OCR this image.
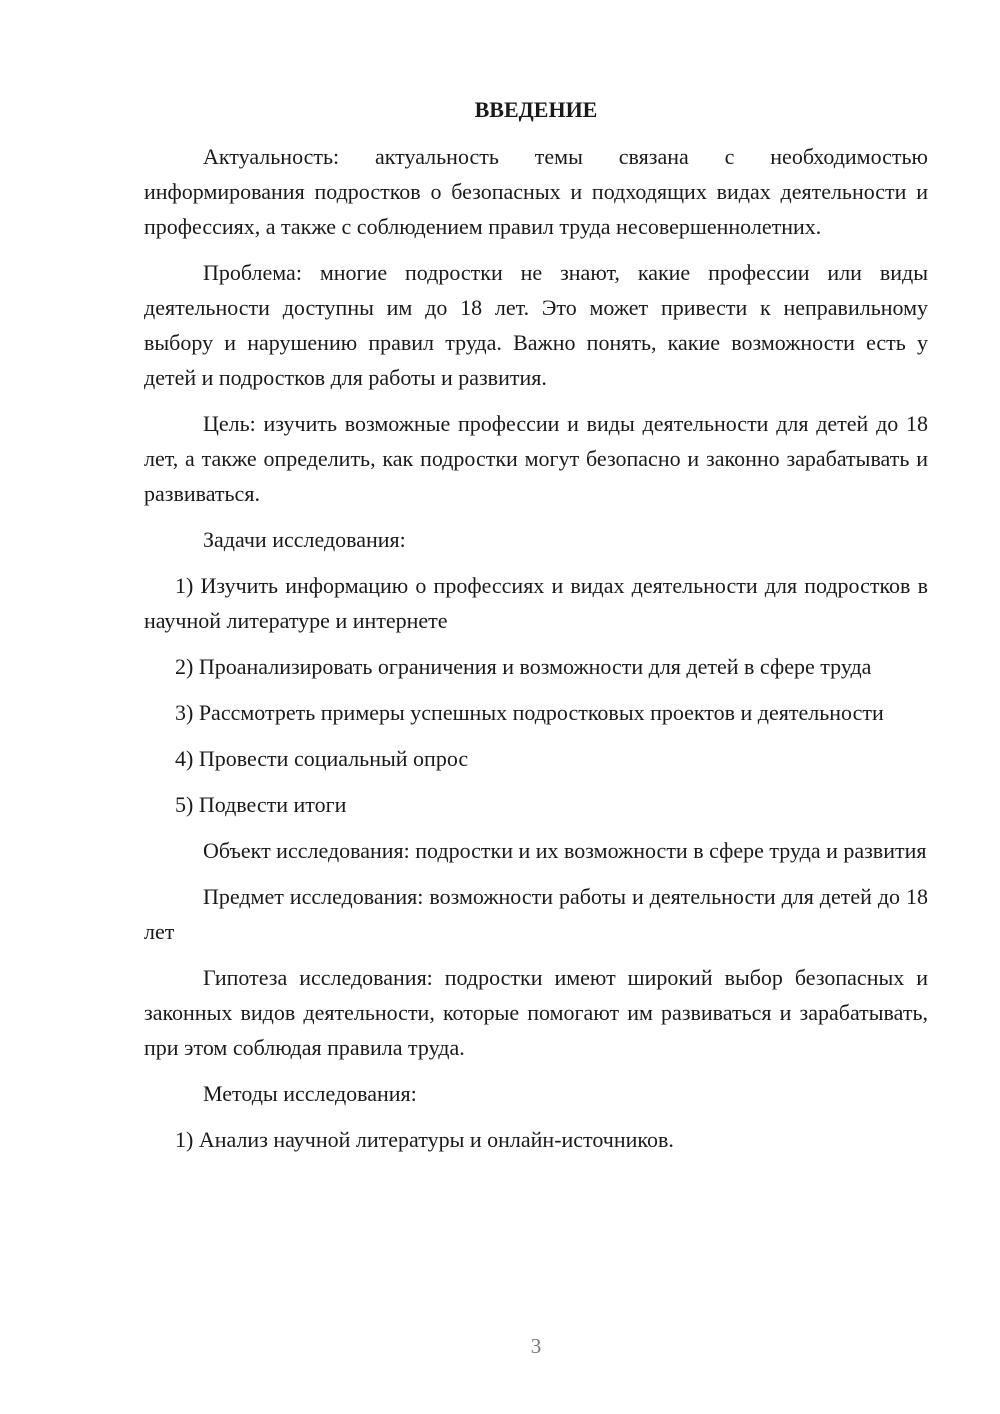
ВВЕДЕНИЕ

Актуальность: актуальность темы связана с необходимостью информирования подростков о безопасных и подходящих видах деятельности и профессиях, а также с соблюдением правил труда несовершеннолетних.

Проблема: многие подростки не знают, какие профессии или виды деятельности доступны им до 18 лет. Это может привести к неправильному выбору и нарушению правил труда. Важно понять, какие возможности есть у детей и подростков для работы и развития.

Цель: изучить возможные профессии и виды деятельности для детей до 18 лет, а также определить, как подростки могут безопасно и законно зарабатывать и развиваться.

Задачи исследования:

1) Изучить информацию о профессиях и видах деятельности для подростков в научной литературе и интернете

2) Проанализировать ограничения и возможности для детей в сфере труда

3) Рассмотреть примеры успешных подростковых проектов и деятельности

4) Провести социальный опрос

5) Подвести итоги

Объект исследования: подростки и их возможности в сфере труда и развития

Предмет исследования: возможности работы и деятельности для детей до 18 лет

Гипотеза исследования: подростки имеют широкий выбор безопасных и законных видов деятельности, которые помогают им развиваться и зарабатывать, при этом соблюдая правила труда.

Методы исследования:

1) Анализ научной литературы и онлайн-источников.

3
